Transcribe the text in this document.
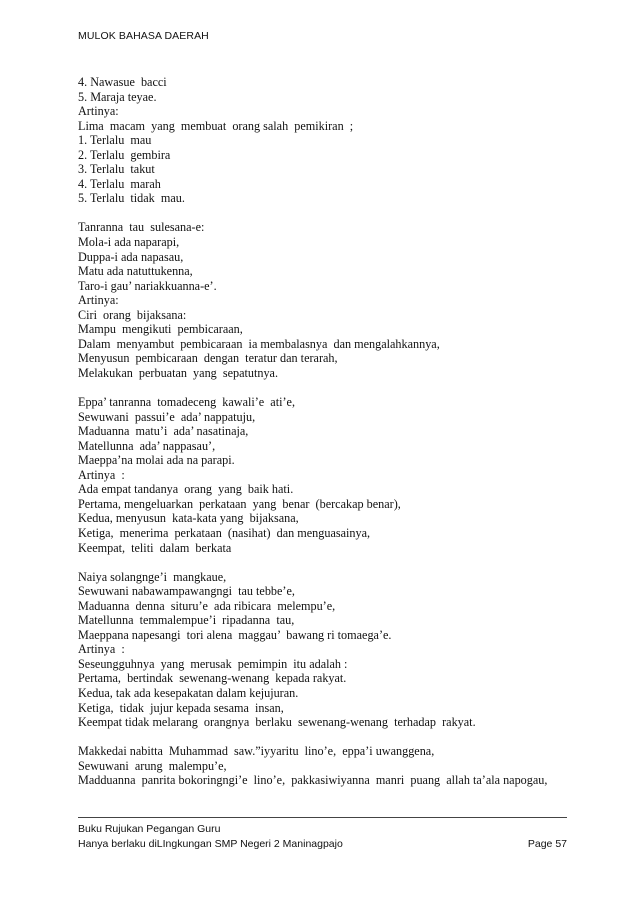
MULOK BAHASA DAERAH
4. Nawasue  bacci
5. Maraja teyae.
Artinya:
Lima  macam  yang  membuat  orang salah  pemikiran  ;
1. Terlalu  mau
2. Terlalu  gembira
3. Terlalu  takut
4. Terlalu  marah
5. Terlalu  tidak  mau.
Tanranna  tau  sulesana-e:
Mola-i ada naparapi,
Duppa-i ada napasau,
Matu ada natuttukenna,
Taro-i gau’ nariakkuanna-e’.
Artinya:
Ciri  orang  bijaksana:
Mampu  mengikuti  pembicaraan,
Dalam  menyambut  pembicaraan  ia membalasnya  dan mengalahkannya,
Menyusun  pembicaraan  dengan  teratur dan terarah,
Melakukan  perbuatan  yang  sepatutnya.
Eppa’ tanranna  tomadeceng  kawali’e  ati’e,
Sewuwani  passui’e  ada’ nappatuju,
Maduanna  matu’i  ada’ nasatinaja,
Matellunna  ada’ nappasau’,
Maeppa’na molai ada na parapi.
Artinya  :
Ada empat tandanya  orang  yang  baik hati.
Pertama, mengeluarkan  perkataan  yang  benar  (bercakap benar),
Kedua, menyusun  kata-kata yang  bijaksana,
Ketiga,  menerima  perkataan  (nasihat)  dan menguasainya,
Keempat,  teliti  dalam  berkata
Naiya solangnge’i  mangkaue,
Sewuwani nabawampawangngi  tau tebbe’e,
Maduanna  denna  situru’e  ada ribicara  melempu’e,
Matellunna  temmalempue’i  ripadanna  tau,
Maeppana napesangi  tori alena  maggau’  bawang ri tomaega’e.
Artinya  :
Seseungguhnya  yang  merusak  pemimpin  itu adalah :
Pertama,  bertindak  sewenang-wenang  kepada rakyat.
Kedua, tak ada kesepakatan dalam kejujuran.
Ketiga,  tidak  jujur kepada sesama  insan,
Keempat tidak melarang  orangnya  berlaku  sewenang-wenang  terhadap  rakyat.
Makkedai nabitta  Muhammad  saw.”iyyaritu  lino’e,  eppa’i uwanggena,
Sewuwani  arung  malempu’e,
Madduanna  panrita bokoringngi’e  lino’e,  pakkasiwiyanna  manri  puang  allah ta’ala napogau,
Buku Rujukan Pegangan Guru
Hanya berlaku diLIngkungan SMP Negeri 2 Maninagpajo	Page 57
